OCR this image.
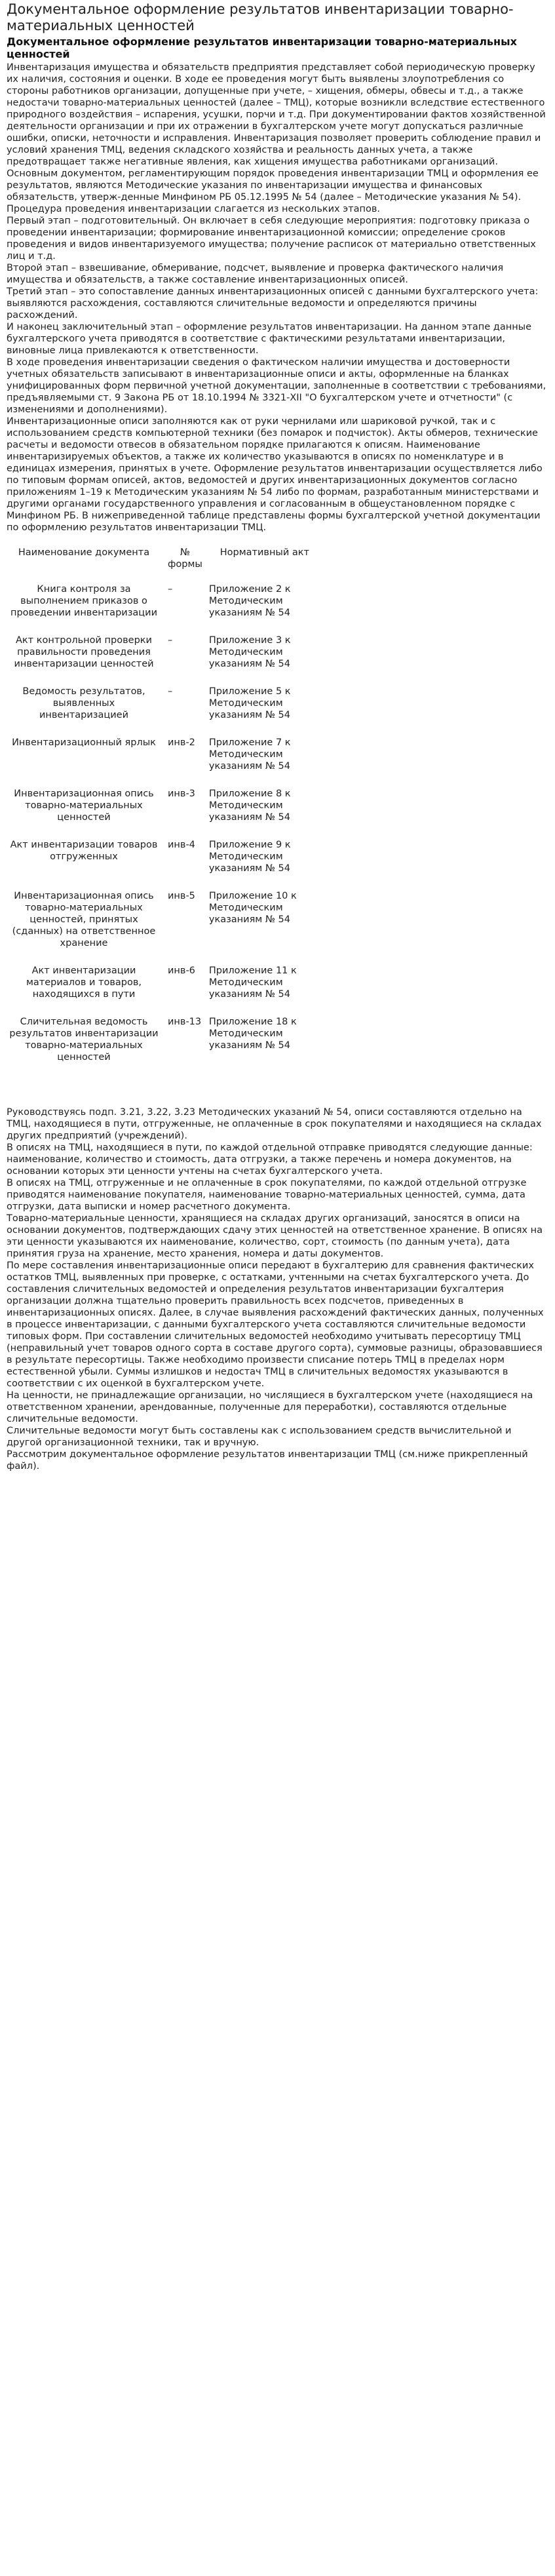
Документальное оформление результатов инвентаризации товарно-материальных ценностей
Документальное оформление результатов инвентаризации товарно-материальных ценностей

Инвентаризация имущества и обязательств предприятия представляет собой периодическую проверку их наличия, состояния и оценки. В ходе ее проведения могут быть выявлены злоупотребления со стороны работников организации, допущенные при учете, – хищения, обмеры, обвесы и т.д., а также недостачи товарно-материальных ценностей (далее – ТМЦ), которые возникли вследствие естественного природного воздействия – испарения, усушки, порчи и т.д. При документировании фактов хозяйственной деятельности организации и при их отражении в бухгалтерском учете могут допускаться различные ошибки, описки, неточности и исправления. Инвентаризация позволяет проверить соблюдение правил и условий хранения ТМЦ, ведения складского хозяйства и реальность данных учета, а также предотвращает также негативные явления, как хищения имущества работниками организаций.

Основным документом, регламентирующим порядок проведения инвентаризации ТМЦ и оформления ее результатов, являются Методические указания по инвентаризации имущества и финансовых обязательств, утверж-денные Минфином РБ 05.12.1995 № 54 (далее – Методические указания № 54).

Процедура проведения инвентаризации слагается из нескольких этапов.

Первый этап – подготовительный. Он включает в себя следующие мероприятия: подготовку приказа о проведении инвентаризации; формирование инвентаризационной комиссии; определение сроков проведения и видов инвентаризуемого имущества; получение расписок от материально ответственных лиц и т.д.

Второй этап – взвешивание, обмеривание, подсчет, выявление и проверка фактического наличия имущества и обязательств, а также составление инвентаризационных описей.

Третий этап – это сопоставление данных инвентаризационных описей с данными бухгалтерского учета: выявляются расхождения, составляются сличительные ведомости и определяются причины расхождений.

И наконец заключительный этап – оформление результатов инвентаризации. На данном этапе данные бухгалтерского учета приводятся в соответствие с фактическими результатами инвентаризации, виновные лица привлекаются к ответственности.

В ходе проведения инвентаризации сведения о фактическом наличии имущества и достоверности учетных обязательств записывают в инвентаризационные описи и акты, оформленные на бланках унифицированных форм первичной учетной документации, заполненные в соответствии с требованиями, предъявляемыми ст. 9 Закона РБ от 18.10.1994 № 3321-XII "О бухгалтерском учете и отчетности" (с изменениями и дополнениями).

Инвентаризационные описи заполняются как от руки чернилами или шариковой ручкой, так и с использованием средств компьютерной техники (без помарок и подчисток). Акты обмеров, технические расчеты и ведомости отвесов в обязательном порядке прилагаются к описям. Наименование инвентаризируемых объектов, а также их количество указываются в описях по номенклатуре и в единицах измерения, принятых в учете. Оформление результатов инвентаризации осуществляется либо по типовым формам описей, актов, ведомостей и других инвентаризационных документов согласно приложениям 1–19 к Методическим указаниям № 54 либо по формам, разработанным министерствами и другими органами государственного управления и согласованным в общеустановленном порядке с Минфином РБ. В нижеприведенной таблице представлены формы бухгалтерской учетной документации по оформлению результатов инвентаризации ТМЦ.

Наименование документа	№ формы	Нормативный акт
Книга контроля за выполнением приказов о проведении инвентаризации	–	Приложение 2 к Методическим указаниям № 54
Акт контрольной проверки правильности проведения инвентаризации ценностей	–	Приложение 3 к Методическим указаниям № 54
Ведомость результатов, выявленных инвентаризацией	–	Приложение 5 к Методическим указаниям № 54
Инвентаризационный ярлык	инв-2	Приложение 7 к Методическим указаниям № 54
Инвентаризационная опись товарно-материальных ценностей	инв-3	Приложение 8 к Методическим указаниям № 54
Акт инвентаризации товаров отгруженных	инв-4	Приложение 9 к Методическим указаниям № 54
Инвентаризационная опись товарно-материальных ценностей, принятых (сданных) на ответственное хранение	инв-5	Приложение 10 к Методическим указаниям № 54
Акт инвентаризации материалов и товаров, находящихся в пути	инв-6	Приложение 11 к Методическим указаниям № 54
Сличительная ведомость результатов инвентаризации товарно-материальных ценностей	инв-13	Приложение 18 к Методическим указаниям № 54

Руководствуясь подп. 3.21, 3.22, 3.23 Методических указаний № 54, описи составляются отдельно на ТМЦ, находящиеся в пути, отгруженные, не оплаченные в срок покупателями и находящиеся на складах других предприятий (учреждений).

В описях на ТМЦ, находящиеся в пути, по каждой отдельной отправке приводятся следующие данные: наименование, количество и стоимость, дата отгрузки, а также перечень и номера документов, на основании которых эти ценности учтены на счетах бухгалтерского учета.

В описях на ТМЦ, отгруженные и не оплаченные в срок покупателями, по каждой отдельной отгрузке приводятся наименование покупателя, наименование товарно-материальных ценностей, сумма, дата отгрузки, дата выписки и номер расчетного документа.

Товарно-материальные ценности, хранящиеся на складах других организаций, заносятся в описи на основании документов, подтверждающих сдачу этих ценностей на ответственное хранение. В описях на эти ценности указываются их наименование, количество, сорт, стоимость (по данным учета), дата принятия груза на хранение, место хранения, номера и даты документов.

По мере составления инвентаризационные описи передают в бухгалтерию для сравнения фактических остатков ТМЦ, выявленных при проверке, с остатками, учтенными на счетах бухгалтерского учета. До составления сличительных ведомостей и определения результатов инвентаризации бухгалтерия организации должна тщательно проверить правильность всех подсчетов, приведенных в инвентаризационных описях. Далее, в случае выявления расхождений фактических данных, полученных в процессе инвентаризации, с данными бухгалтерского учета составляются сличительные ведомости типовых форм. При составлении сличительных ведомостей необходимо учитывать пересортицу ТМЦ (неправильный учет товаров одного сорта в составе другого сорта), суммовые разницы, образовавшиеся в результате пересортицы. Также необходимо произвести списание потерь ТМЦ в пределах норм естественной убыли. Суммы излишков и недостач ТМЦ в сличительных ведомостях указываются в соответствии с их оценкой в бухгалтерском учете.

На ценности, не принадлежащие организации, но числящиеся в бухгалтерском учете (находящиеся на ответственном хранении, арендованные, полученные для переработки), составляются отдельные сличительные ведомости.

Сличительные ведомости могут быть составлены как с использованием средств вычислительной и другой организационной техники, так и вручную.

Рассмотрим документальное оформление результатов инвентаризации ТМЦ (см.ниже прикрепленный файл).
